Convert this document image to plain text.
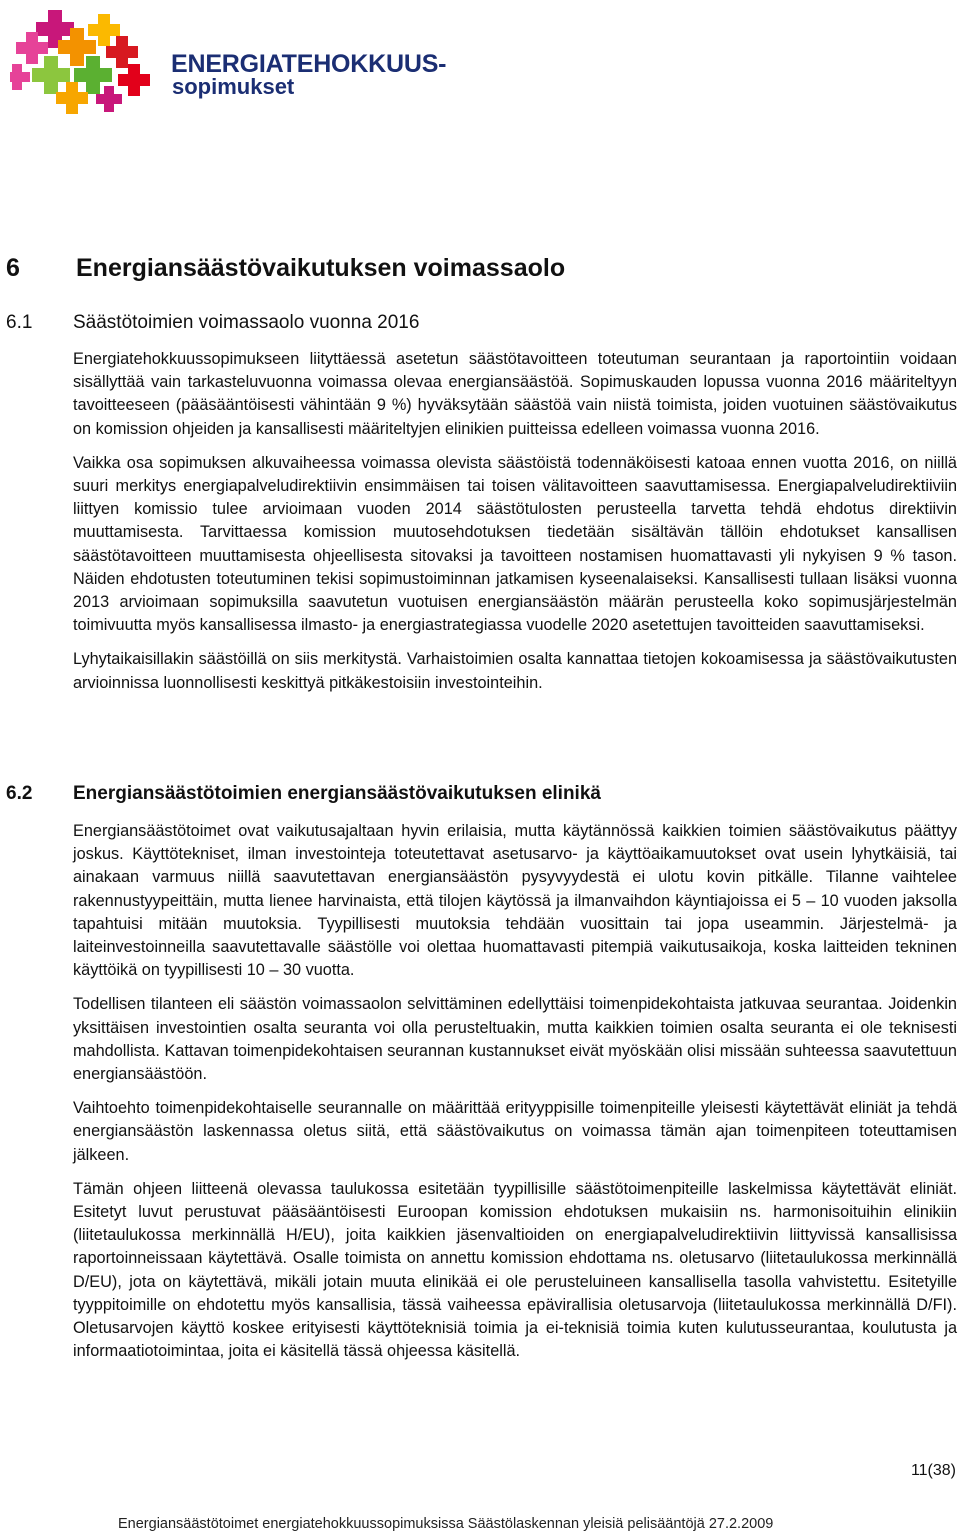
ENERGIATEHOKKUUS-
sopimukset
6 Energiansäästövaikutuksen voimassaolo
6.1 Säästötoimien voimassaolo vuonna 2016

Energiatehokkuussopimukseen liityttäessä asetetun säästötavoitteen toteutuman seurantaan ja raportointiin voidaan sisällyttää vain tarkasteluvuonna voimassa olevaa energiansäästöä. Sopimuskauden lopussa vuonna 2016 määriteltyyn tavoitteeseen (pääsääntöisesti vähintään 9 %) hyväksytään säästöä vain niistä toimista, joiden vuotuinen säästövaikutus on komission ohjeiden ja kansallisesti määriteltyjen elinikien puitteissa edelleen voimassa vuonna 2016.

Vaikka osa sopimuksen alkuvaiheessa voimassa olevista säästöistä todennäköisesti katoaa ennen vuotta 2016, on niillä suuri merkitys energiapalveludirektiivin ensimmäisen tai toisen välitavoitteen saavuttamisessa. Energiapalveludirektiiviin liittyen komissio tulee arvioimaan vuoden 2014 säästötulosten perusteella tarvetta tehdä ehdotus direktiivin muuttamisesta. Tarvittaessa komission muutosehdotuksen tiedetään sisältävän tällöin ehdotukset kansallisen säästötavoitteen muuttamisesta ohjeellisesta sitovaksi ja tavoitteen nostamisen huomattavasti yli nykyisen 9 % tason. Näiden ehdotusten toteutuminen tekisi sopimustoiminnan jatkamisen kyseenalaiseksi. Kansallisesti tullaan lisäksi vuonna 2013 arvioimaan sopimuksilla saavutetun vuotuisen energiansäästön määrän perusteella koko sopimusjärjestelmän toimivuutta myös kansallisessa ilmasto- ja energiastrategiassa vuodelle 2020 asetettujen tavoitteiden saavuttamiseksi.

Lyhytaikaisillakin säästöillä on siis merkitystä. Varhaistoimien osalta kannattaa tietojen kokoamisessa ja säästövaikutusten arvioinnissa luonnollisesti keskittyä pitkäkestoisiin investointeihin.

6.2 Energiansäästötoimien energiansäästövaikutuksen elinikä

Energiansäästötoimet ovat vaikutusajaltaan hyvin erilaisia, mutta käytännössä kaikkien toimien säästövaikutus päättyy joskus. Käyttötekniset, ilman investointeja toteutettavat asetusarvo- ja käyttöaikamuutokset ovat usein lyhytkäisiä, tai ainakaan varmuus niillä saavutettavan energiansäästön pysyvyydestä ei ulotu kovin pitkälle. Tilanne vaihtelee rakennustyypeittäin, mutta lienee harvinaista, että tilojen käytössä ja ilmanvaihdon käyntiajoissa ei 5 – 10 vuoden jaksolla tapahtuisi mitään muutoksia. Tyypillisesti muutoksia tehdään vuosittain tai jopa useammin. Järjestelmä- ja laiteinvestoinneilla saavutettavalle säästölle voi olettaa huomattavasti pitempiä vaikutusaikoja, koska laitteiden tekninen käyttöikä on tyypillisesti 10 – 30 vuotta.

Todellisen tilanteen eli säästön voimassaolon selvittäminen edellyttäisi toimenpidekohtaista jatkuvaa seurantaa. Joidenkin yksittäisen investointien osalta seuranta voi olla perusteltuakin, mutta kaikkien toimien osalta seuranta ei ole teknisesti mahdollista. Kattavan toimenpidekohtaisen seurannan kustannukset eivät myöskään olisi missään suhteessa saavutettuun energiansäästöön.

Vaihtoehto toimenpidekohtaiselle seurannalle on määrittää erityyppisille toimenpiteille yleisesti käytettävät eliniät ja tehdä energiansäästön laskennassa oletus siitä, että säästövaikutus on voimassa tämän ajan toimenpiteen toteuttamisen jälkeen.

Tämän ohjeen liitteenä olevassa taulukossa esitetään tyypillisille säästötoimenpiteille laskelmissa käytettävät eliniät. Esitetyt luvut perustuvat pääsääntöisesti Euroopan komission ehdotuksen mukaisiin ns. harmonisoituihin elinikiin (liitetaulukossa merkinnällä H/EU), joita kaikkien jäsenvaltioiden on energiapalveludirektiivin liittyvissä kansallisissa raportoinneissaan käytettävä. Osalle toimista on annettu komission ehdottama ns. oletusarvo (liitetaulukossa merkinnällä D/EU), jota on käytettävä, mikäli jotain muuta elinikää ei ole perusteluineen kansallisella tasolla vahvistettu. Esitetyille tyyppitoimille on ehdotettu myös kansallisia, tässä vaiheessa epävirallisia oletusarvoja (liitetaulukossa merkinnällä D/FI). Oletusarvojen käyttö koskee erityisesti käyttöteknisiä toimia ja ei-teknisiä toimia kuten kulutusseurantaa, koulutusta ja informaatiotoimintaa, joita ei käsitellä tässä ohjeessa käsitellä.

11(38)
Energiansäästötoimet energiatehokkuussopimuksissa Säästölaskennan yleisiä pelisääntöjä 27.2.2009
